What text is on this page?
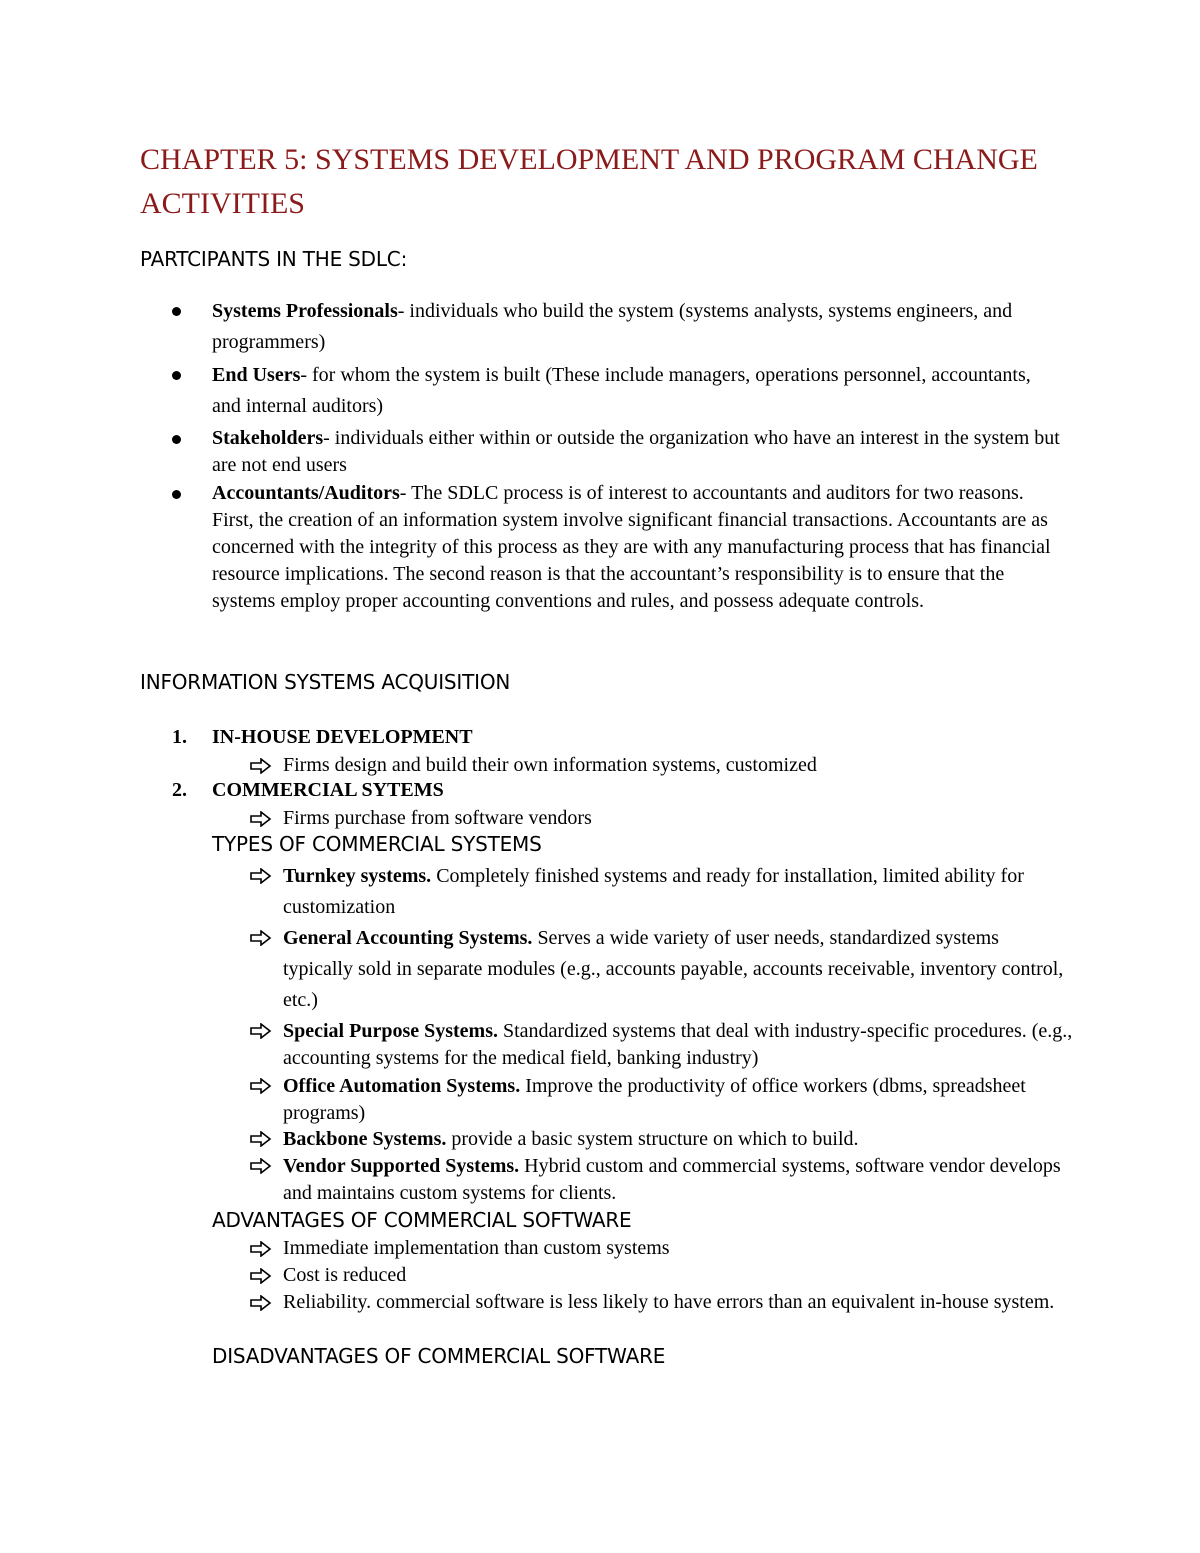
CHAPTER 5: SYSTEMS DEVELOPMENT AND PROGRAM CHANGE ACTIVITIES
PARTCIPANTS IN THE SDLC:
Systems Professionals- individuals who build the system (systems analysts, systems engineers, and programmers)
End Users- for whom the system is built (These include managers, operations personnel, accountants, and internal auditors)
Stakeholders- individuals either within or outside the organization who have an interest in the system but are not end users
Accountants/Auditors- The SDLC process is of interest to accountants and auditors for two reasons. First, the creation of an information system involve significant financial transactions. Accountants are as concerned with the integrity of this process as they are with any manufacturing process that has financial resource implications. The second reason is that the accountant’s responsibility is to ensure that the systems employ proper accounting conventions and rules, and possess adequate controls.
INFORMATION SYSTEMS ACQUISITION
1. IN-HOUSE DEVELOPMENT
Firms design and build their own information systems, customized
2. COMMERCIAL SYTEMS
Firms purchase from software vendors
TYPES OF COMMERCIAL SYSTEMS
Turnkey systems. Completely finished systems and ready for installation, limited ability for customization
General Accounting Systems. Serves a wide variety of user needs, standardized systems typically sold in separate modules (e.g., accounts payable, accounts receivable, inventory control, etc.)
Special Purpose Systems. Standardized systems that deal with industry-specific procedures. (e.g., accounting systems for the medical field, banking industry)
Office Automation Systems. Improve the productivity of office workers (dbms, spreadsheet programs)
Backbone Systems. provide a basic system structure on which to build.
Vendor Supported Systems. Hybrid custom and commercial systems, software vendor develops and maintains custom systems for clients.
ADVANTAGES OF COMMERCIAL SOFTWARE
Immediate implementation than custom systems
Cost is reduced
Reliability. commercial software is less likely to have errors than an equivalent in-house system.
DISADVANTAGES OF COMMERCIAL SOFTWARE
